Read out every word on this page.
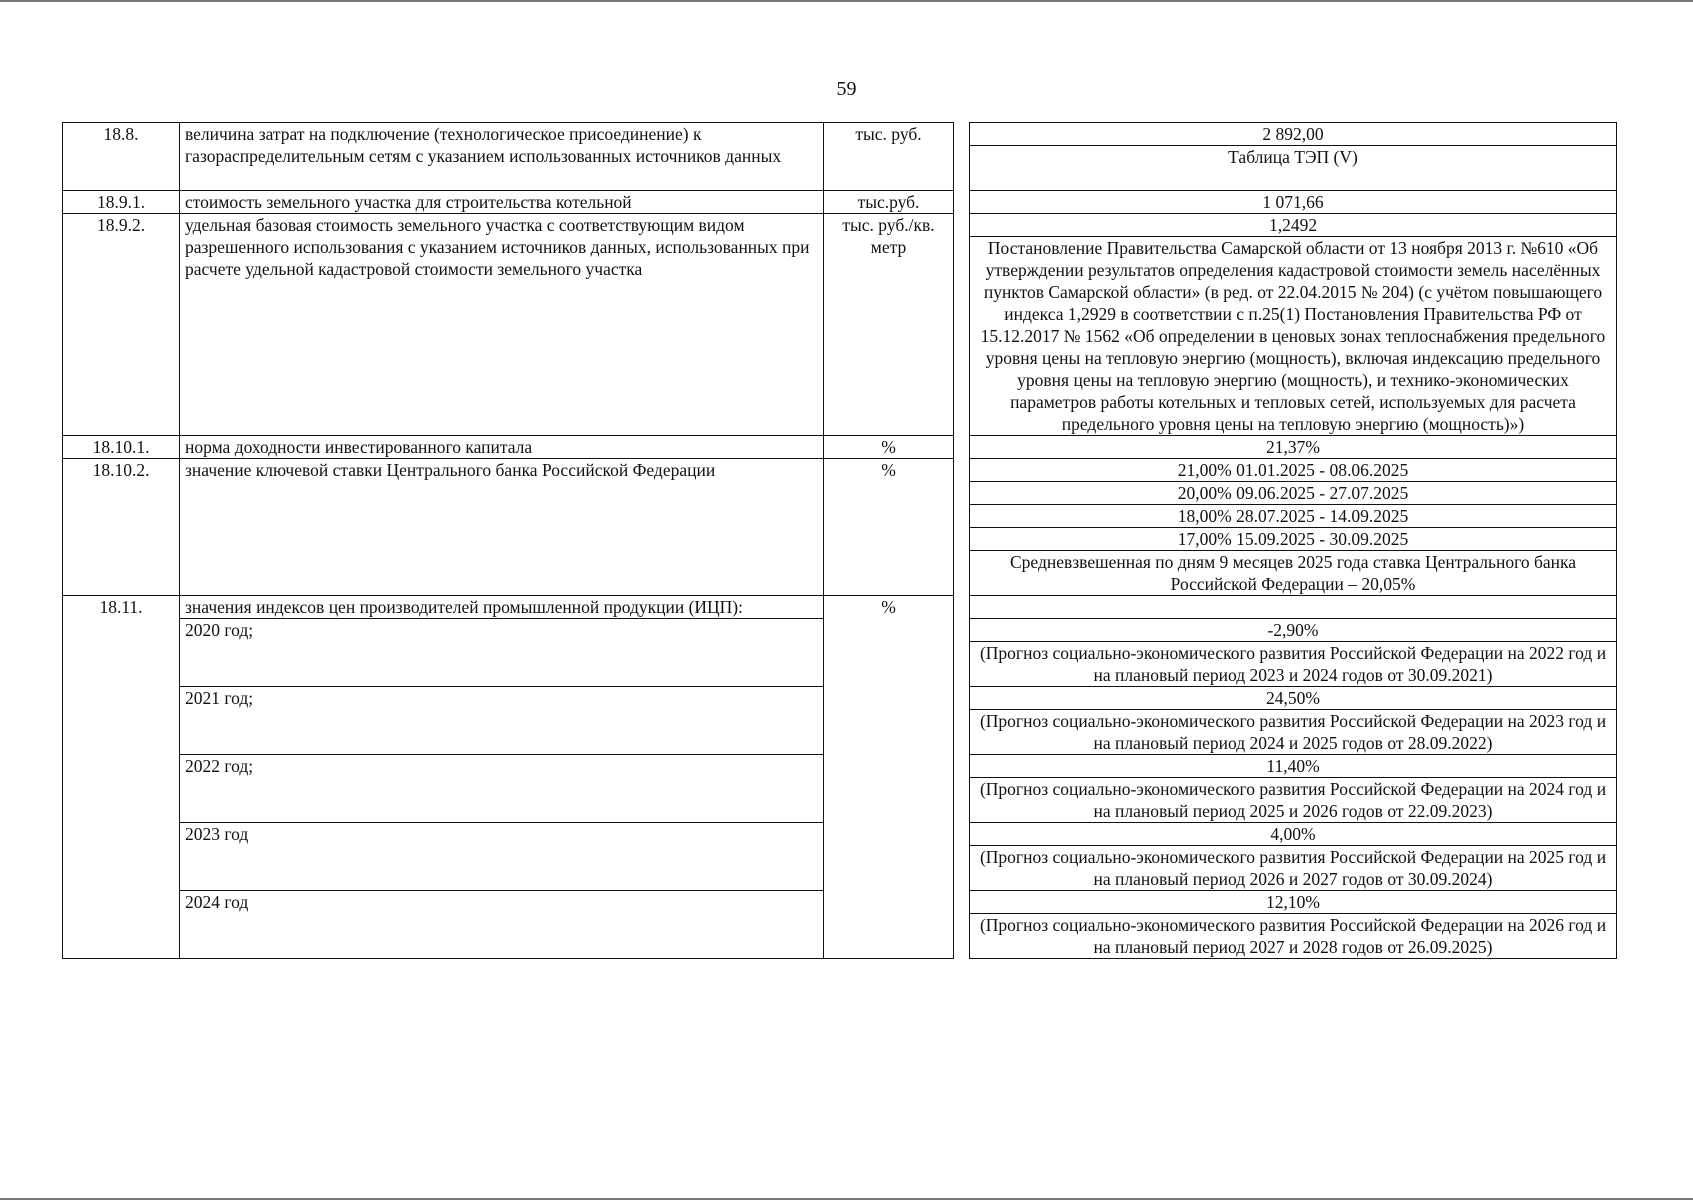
59
18.8.	величина затрат на подключение (технологическое присоединение) к газораспределительным сетям с указанием использованных источников данных	тыс. руб.		2 892,00
				Таблица ТЭП (V)
18.9.1.	стоимость земельного участка для строительства котельной	тыс.руб.		1 071,66
18.9.2.	удельная базовая стоимость земельного участка с соответствующим видом разрешенного использования с указанием источников данных, использованных при расчете удельной кадастровой стоимости земельного участка	тыс. руб./кв. метр		1,2492
				Постановление Правительства Самарской области от 13 ноября 2013 г. №610 «Об утверждении результатов определения кадастровой стоимости земель населённых пунктов Самарской области» (в ред. от 22.04.2015 № 204) (с учётом повышающего индекса 1,2929 в соответствии с п.25(1) Постановления Правительства РФ от 15.12.2017 № 1562 «Об определении в ценовых зонах теплоснабжения предельного уровня цены на тепловую энергию (мощность), включая индексацию предельного уровня цены на тепловую энергию (мощность), и технико-экономических параметров работы котельных и тепловых сетей, используемых для расчета предельного уровня цены на тепловую энергию (мощность)»)
18.10.1.	норма доходности инвестированного капитала	%		21,37%
18.10.2.	значение ключевой ставки Центрального банка Российской Федерации	%		21,00% 01.01.2025 - 08.06.2025
				20,00% 09.06.2025 - 27.07.2025
				18,00% 28.07.2025 - 14.09.2025
				17,00% 15.09.2025 - 30.09.2025
				Средневзвешенная по дням 9 месяцев 2025 года ставка Центрального банка Российской Федерации – 20,05%
18.11.	значения индексов цен производителей промышленной продукции (ИЦП):	%		
	2020 год;			-2,90%
				(Прогноз социально-экономического развития Российской Федерации на 2022 год и на плановый период 2023 и 2024 годов от 30.09.2021)
	2021 год;			24,50%
				(Прогноз социально-экономического развития Российской Федерации на 2023 год и на плановый период 2024 и 2025 годов от 28.09.2022)
	2022 год;			11,40%
				(Прогноз социально-экономического развития Российской Федерации на 2024 год и на плановый период 2025 и 2026 годов от 22.09.2023)
	2023 год			4,00%
				(Прогноз социально-экономического развития Российской Федерации на 2025 год и на плановый период 2026 и 2027 годов от 30.09.2024)
	2024 год			12,10%
				(Прогноз социально-экономического развития Российской Федерации на 2026 год и на плановый период 2027 и 2028 годов от 26.09.2025)
